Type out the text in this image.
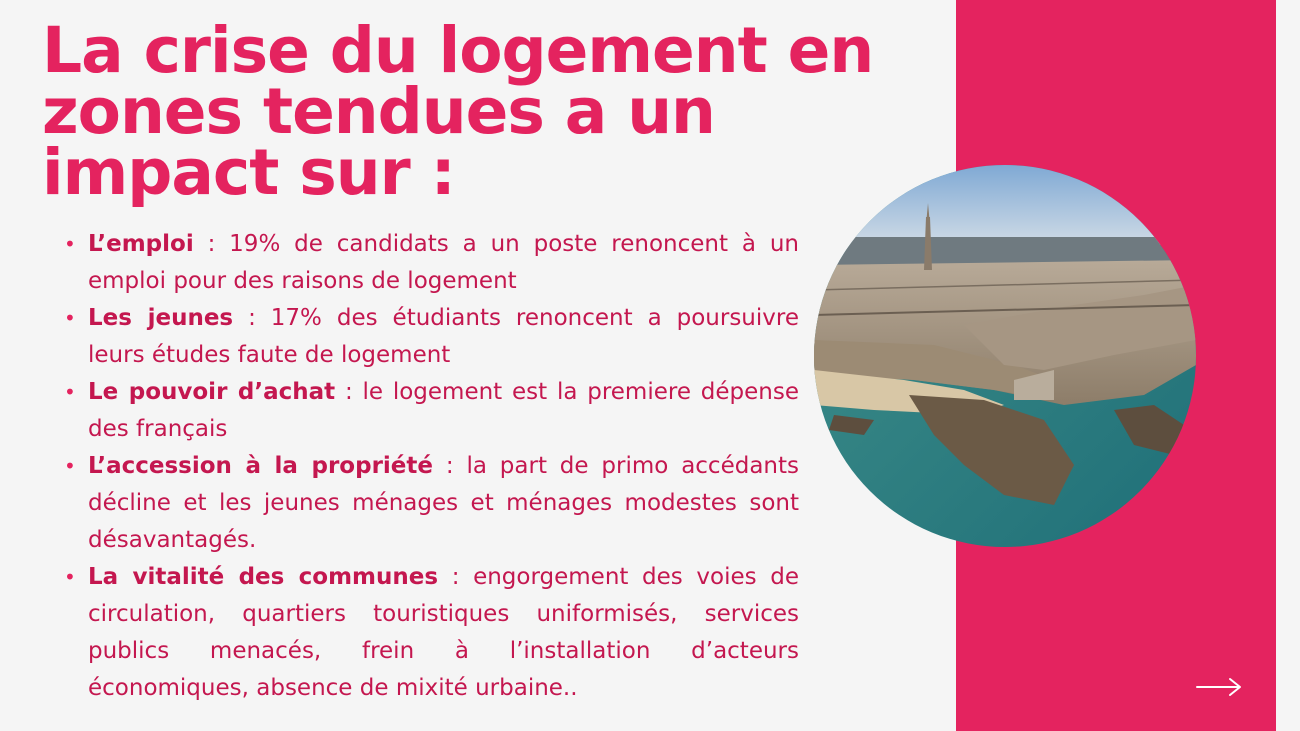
La crise du logement en
zones tendues a un
impact sur :
• L’emploi : 19% de candidats a un poste renoncent à un emploi pour des raisons de logement
• Les jeunes : 17% des étudiants renoncent a poursuivre leurs études faute de logement
• Le pouvoir d’achat : le logement est la premiere dépense des français
• L’accession à la propriété : la part de primo accédants décline et les jeunes ménages et ménages modestes sont désavantagés.
• La vitalité des communes : engorgement des voies de circulation, quartiers touristiques uniformisés, services publics menacés, frein à l’installation d’acteurs économiques, absence de mixité urbaine..
